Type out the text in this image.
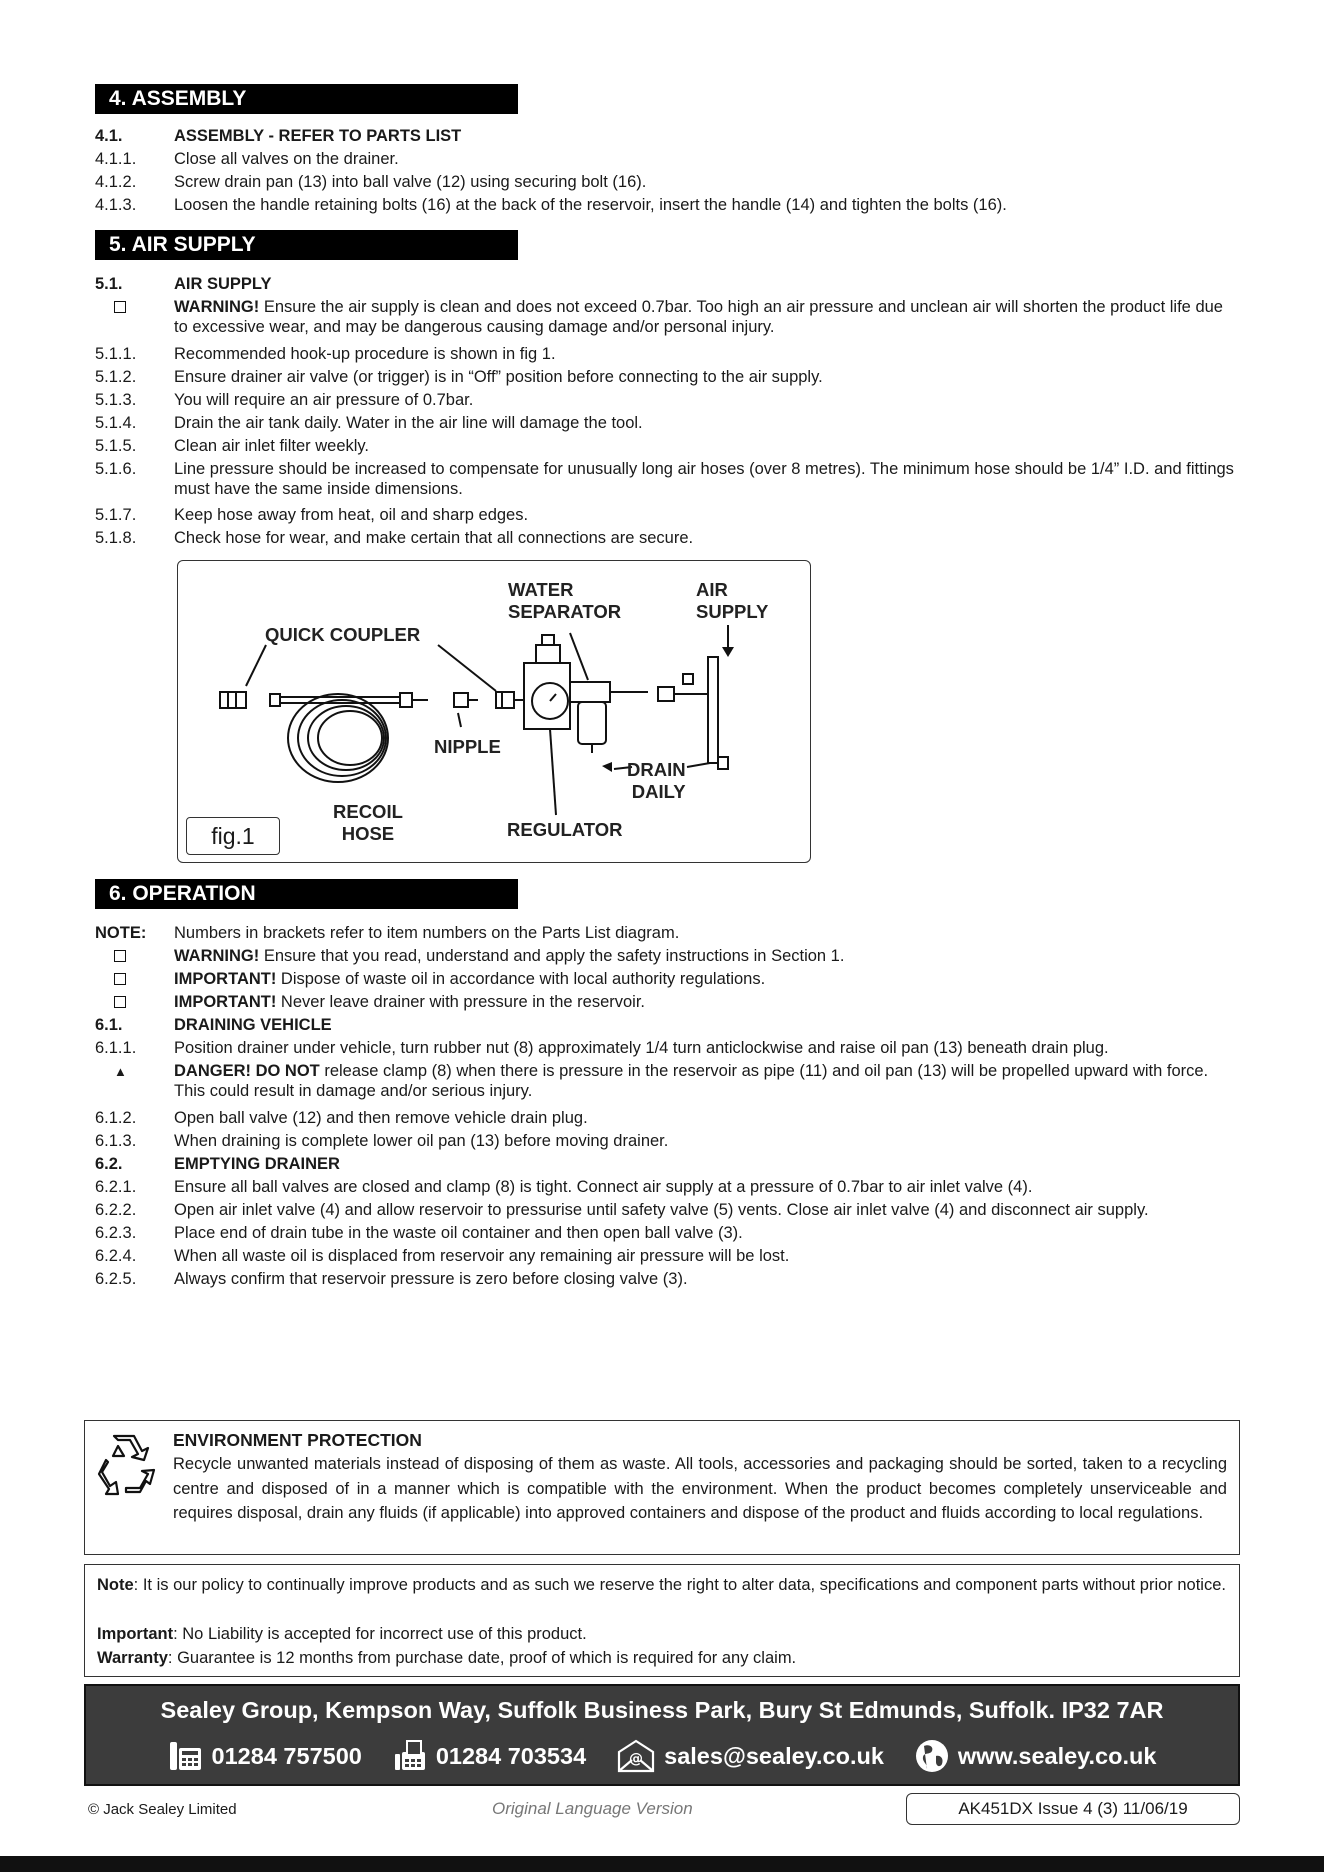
4. ASSEMBLY
4.1.	ASSEMBLY - REFER TO PARTS LIST
4.1.1.	Close all valves on the drainer.
4.1.2.	Screw drain pan (13) into ball valve (12) using securing bolt (16).
4.1.3.	Loosen the handle retaining bolts (16) at the back of the reservoir, insert the handle (14) and tighten the bolts (16).
5. AIR SUPPLY
5.1.	AIR SUPPLY
WARNING! Ensure the air supply is clean and does not exceed 0.7bar. Too high an air pressure and unclean air will shorten the product life due to excessive wear, and may be dangerous causing damage and/or personal injury.
5.1.1.	Recommended hook-up procedure is shown in fig 1.
5.1.2.	Ensure drainer air valve (or trigger) is in “Off” position before connecting to the air supply.
5.1.3.	You will require an air pressure of 0.7bar.
5.1.4.	Drain the air tank daily. Water in the air line will damage the tool.
5.1.5.	Clean air inlet filter weekly.
5.1.6.	Line pressure should be increased to compensate for unusually long air hoses (over 8 metres). The minimum hose should be 1/4” I.D. and fittings must have the same inside dimensions.
5.1.7.	Keep hose away from heat, oil and sharp edges.
5.1.8.	Check hose for wear, and make certain that all connections are secure.
WATER
SEPARATOR
AIR
SUPPLY
QUICK COUPLER
NIPPLE
DRAIN
DAILY
RECOIL
HOSE	REGULATOR
fig.1
6. OPERATION
NOTE:	Numbers in brackets refer to item numbers on the Parts List diagram.
WARNING! Ensure that you read, understand and apply the safety instructions in Section 1.
IMPORTANT! Dispose of waste oil in accordance with local authority regulations.
IMPORTANT! Never leave drainer with pressure in the reservoir.
6.1.	DRAINING VEHICLE
6.1.1.	Position drainer under vehicle, turn rubber nut (8) approximately 1/4 turn anticlockwise and raise oil pan (13) beneath drain plug.
▲	DANGER! DO NOT release clamp (8) when there is pressure in the reservoir as pipe (11) and oil pan (13) will be propelled upward with force. This could result in damage and/or serious injury.
6.1.2.	Open ball valve (12) and then remove vehicle drain plug.
6.1.3.	When draining is complete lower oil pan (13) before moving drainer.
6.2.	EMPTYING DRAINER
6.2.1.	Ensure all ball valves are closed and clamp (8) is tight. Connect air supply at a pressure of 0.7bar to air inlet valve (4).
6.2.2.	Open air inlet valve (4) and allow reservoir to pressurise until safety valve (5) vents. Close air inlet valve (4) and disconnect air supply.
6.2.3.	Place end of drain tube in the waste oil container and then open ball valve (3).
6.2.4.	When all waste oil is displaced from reservoir any remaining air pressure will be lost.
6.2.5.	Always confirm that reservoir pressure is zero before closing valve (3).
ENVIRONMENT PROTECTION
Recycle unwanted materials instead of disposing of them as waste. All tools, accessories and packaging should be sorted, taken to a recycling centre and disposed of in a manner which is compatible with the environment. When the product becomes completely unserviceable and requires disposal, drain any fluids (if applicable) into approved containers and dispose of the product and fluids according to local regulations.
Note: It is our policy to continually improve products and as such we reserve the right to alter data, specifications and component parts without prior notice.
Important: No Liability is accepted for incorrect use of this product.
Warranty: Guarantee is 12 months from purchase date, proof of which is required for any claim.
Sealey Group, Kempson Way, Suffolk Business Park, Bury St Edmunds, Suffolk. IP32 7AR
01284 757500	01284 703534	@ sales@sealey.co.uk	www.sealey.co.uk
© Jack Sealey Limited	Original Language Version	AK451DX Issue 4 (3) 11/06/19
